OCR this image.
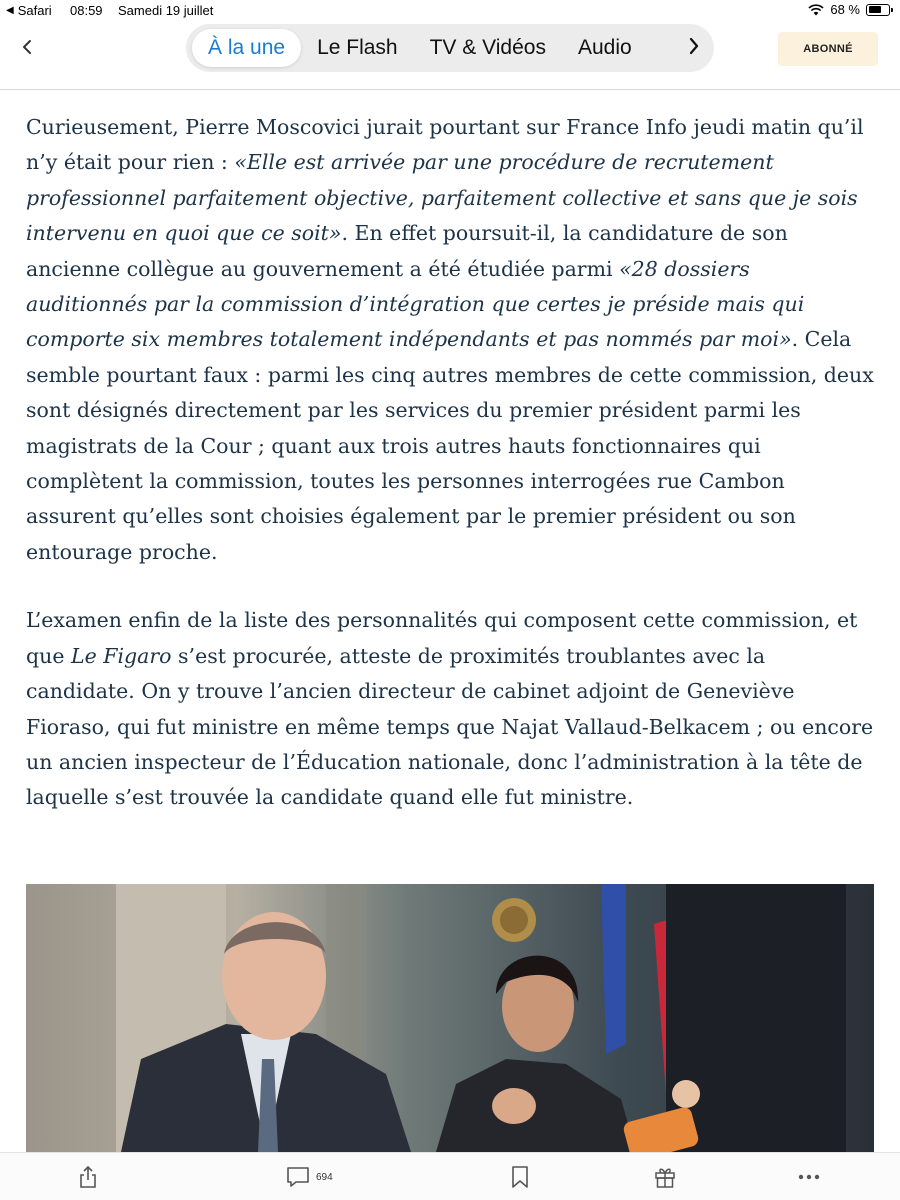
◀ Safari 08:59 Samedi 19 juillet	68 %
À la une Le Flash TV & Vidéos Audio	ABONNÉ

Curieusement, Pierre Moscovici jurait pourtant sur France Info jeudi matin qu’il n’y était pour rien : «Elle est arrivée par une procédure de recrutement professionnel parfaitement objective, parfaitement collective et sans que je sois intervenu en quoi que ce soit». En effet poursuit-il, la candidature de son ancienne collègue au gouvernement a été étudiée parmi «28 dossiers auditionnés par la commission d’intégration que certes je préside mais qui comporte six membres totalement indépendants et pas nommés par moi». Cela semble pourtant faux : parmi les cinq autres membres de cette commission, deux sont désignés directement par les services du premier président parmi les magistrats de la Cour ; quant aux trois autres hauts fonctionnaires qui complètent la commission, toutes les personnes interrogées rue Cambon assurent qu’elles sont choisies également par le premier président ou son entourage proche.

L’examen enfin de la liste des personnalités qui composent cette commission, et que Le Figaro s’est procurée, atteste de proximités troublantes avec la candidate. On y trouve l’ancien directeur de cabinet adjoint de Geneviève Fioraso, qui fut ministre en même temps que Najat Vallaud-Belkacem ; ou encore un ancien inspecteur de l’Éducation nationale, donc l’administration à la tête de laquelle s’est trouvée la candidate quand elle fut ministre.

694
